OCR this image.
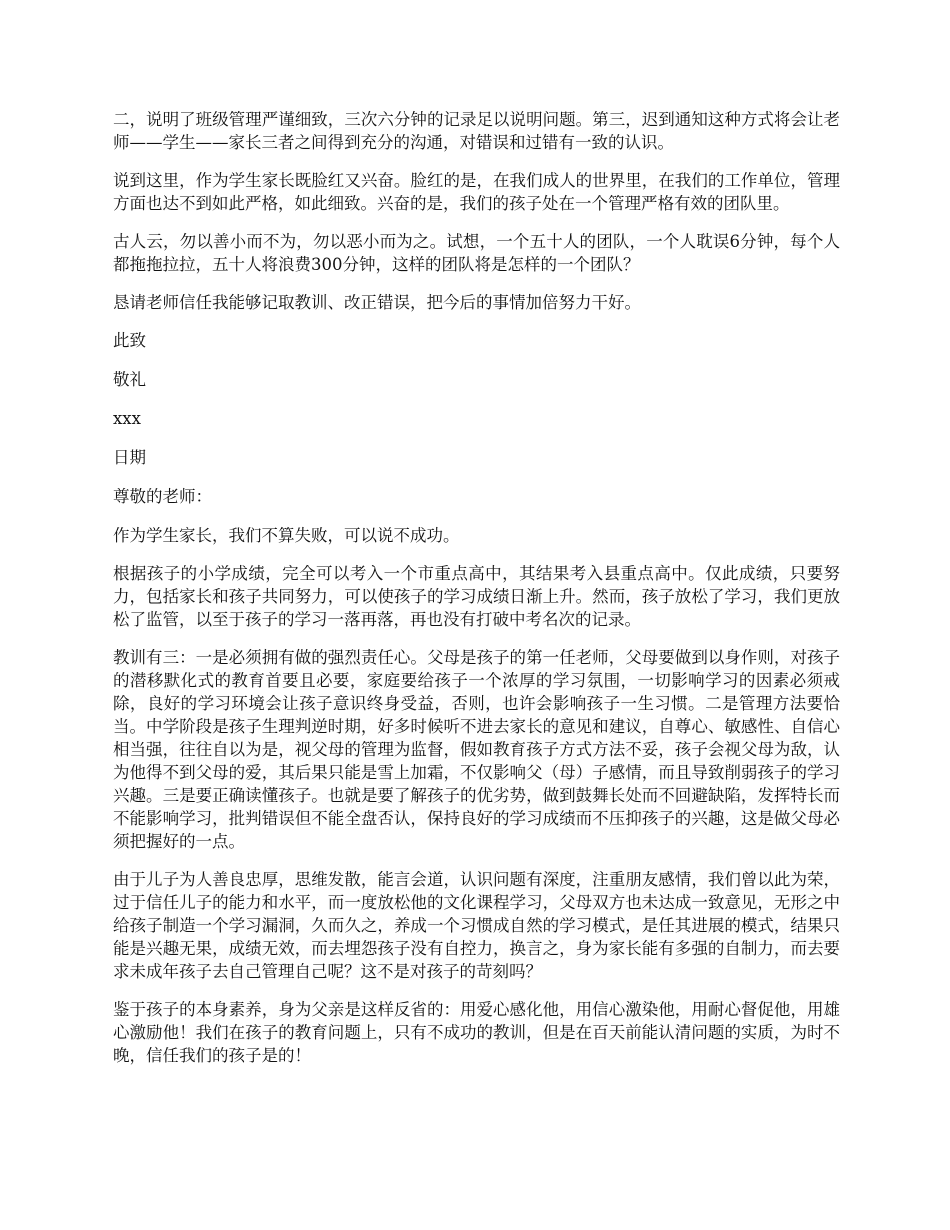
二，说明了班级管理严谨细致，三次六分钟的记录足以说明问题。第三，迟到通知这种方式将会让老师——学生——家长三者之间得到充分的沟通，对错误和过错有一致的认识。

说到这里，作为学生家长既脸红又兴奋。脸红的是，在我们成人的世界里，在我们的工作单位，管理方面也达不到如此严格，如此细致。兴奋的是，我们的孩子处在一个管理严格有效的团队里。

古人云，勿以善小而不为，勿以恶小而为之。试想，一个五十人的团队，一个人耽误6分钟，每个人都拖拖拉拉，五十人将浪费300分钟，这样的团队将是怎样的一个团队？

恳请老师信任我能够记取教训、改正错误，把今后的事情加倍努力干好。

此致

敬礼

xxx

日期

尊敬的老师：

作为学生家长，我们不算失败，可以说不成功。

根据孩子的小学成绩，完全可以考入一个市重点高中，其结果考入县重点高中。仅此成绩，只要努力，包括家长和孩子共同努力，可以使孩子的学习成绩日渐上升。然而，孩子放松了学习，我们更放松了监管，以至于孩子的学习一落再落，再也没有打破中考名次的记录。

教训有三：一是必须拥有做的强烈责任心。父母是孩子的第一任老师，父母要做到以身作则，对孩子的潜移默化式的教育首要且必要，家庭要给孩子一个浓厚的学习氛围，一切影响学习的因素必须戒除，良好的学习环境会让孩子意识终身受益，否则，也许会影响孩子一生习惯。二是管理方法要恰当。中学阶段是孩子生理判逆时期，好多时候听不进去家长的意见和建议，自尊心、敏感性、自信心相当强，往往自以为是，视父母的管理为监督，假如教育孩子方式方法不妥，孩子会视父母为敌，认为他得不到父母的爱，其后果只能是雪上加霜，不仅影响父（母）子感情，而且导致削弱孩子的学习兴趣。三是要正确读懂孩子。也就是要了解孩子的优劣势，做到鼓舞长处而不回避缺陷，发挥特长而不能影响学习，批判错误但不能全盘否认，保持良好的学习成绩而不压抑孩子的兴趣，这是做父母必须把握好的一点。

由于儿子为人善良忠厚，思维发散，能言会道，认识问题有深度，注重朋友感情，我们曾以此为荣，过于信任儿子的能力和水平，而一度放松他的文化课程学习，父母双方也未达成一致意见，无形之中给孩子制造一个学习漏洞，久而久之，养成一个习惯成自然的学习模式，是任其进展的模式，结果只能是兴趣无果，成绩无效，而去埋怨孩子没有自控力，换言之，身为家长能有多强的自制力，而去要求未成年孩子去自己管理自己呢？这不是对孩子的苛刻吗？

鉴于孩子的本身素养，身为父亲是这样反省的：用爱心感化他，用信心激染他，用耐心督促他，用雄心激励他！我们在孩子的教育问题上，只有不成功的教训，但是在百天前能认清问题的实质，为时不晚，信任我们的孩子是的！
